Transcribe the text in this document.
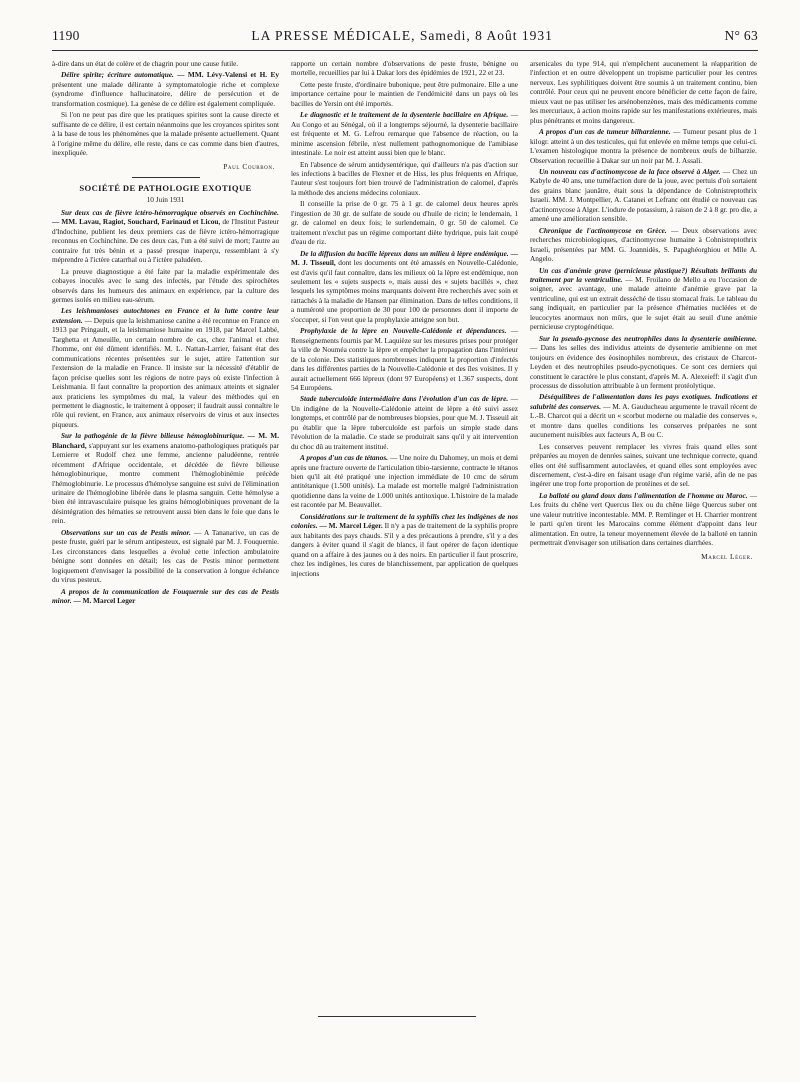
1190	LA PRESSE MÉDICALE, Samedi, 8 Août 1931	N° 63

à-dire dans un état de colère et de chagrin pour une cause futile.

Délire spirite; écriture automatique. — MM. Lévy-Valensi et H. Ey présentent une malade délirante à symptomatologie riche et complexe (syndrome d'influence hallucinatoire, délire de persécution et de transformation cosmique). La genèse de ce délire est également compliquée.

Si l'on ne peut pas dire que les pratiques spirites sont la cause directe et suffisante de ce délire, il est certain néanmoins que les croyances spirites sont à la base de tous les phénomènes que la malade présente actuellement. Quant à l'origine même du délire, elle reste, dans ce cas comme dans bien d'autres, inexpliquée.

Paul Courbon.

SOCIÉTÉ DE PATHOLOGIE EXOTIQUE
10 Juin 1931

Sur deux cas de fièvre ictéro-hémorragique observés en Cochinchine. — MM. Lavau, Ragiot, Souchard, Farinaud et Licou, de l'Institut Pasteur d'Indochine, publient les deux premiers cas de fièvre ictéro-hémorragique reconnus en Cochinchine. De ces deux cas, l'un a été suivi de mort; l'autre au contraire fut très bénin et a passé presque inaperçu, ressemblant à s'y méprendre à l'ictère catarrhal ou à l'ictère paludéen.

La preuve diagnostique a été faite par la maladie expérimentale des cobayes inoculés avec le sang des infectés, par l'étude des spirochètes observés dans les humeurs des animaux en expérience, par la culture des germes isolés en milieu eau-sérum.

Les leishmanioses autochtones en France et la lutte contre leur extension. — Depuis que la leishmaniose canine a été reconnue en France en 1913 par Pringault, et la leishmaniose humaine en 1918, par Marcel Labbé, Targhetta et Ameuille, un certain nombre de cas, chez l'animal et chez l'homme, ont été dûment identifiés. M. L. Nattan-Larrier, faisant état des communications récentes présentées sur le sujet, attire l'attention sur l'extension de la maladie en France. Il insiste sur la nécessité d'établir de façon précise quelles sont les régions de notre pays où existe l'infection à Leishmania. Il faut connaître la proportion des animaux atteints et signaler aux praticiens les symptômes du mal, la valeur des méthodes qui en permettent le diagnostic, le traitement à opposer; il faudrait aussi connaître le rôle qui revient, en France, aux animaux réservoirs de virus et aux insectes piqueurs.

Sur la pathogénie de la fièvre bilieuse hémoglobinurique. — M. M. Blanchard, s'appuyant sur les examens anatomo-pathologiques pratiqués par Lemierre et Rudolf chez une femme, ancienne paludéenne, rentrée récemment d'Afrique occidentale, et décédée de fièvre bilieuse hémoglobinurique, montre comment l'hémoglobinémie précède l'hémoglobinurie. Le processus d'hémolyse sanguine est suivi de l'élimination urinaire de l'hémoglobine libérée dans le plasma sanguin. Cette hémolyse a bien été intravasculaire puisque les grains hémoglobiniques provenant de la désintégration des hématies se retrouvent aussi bien dans le foie que dans le rein.

Observations sur un cas de Pestis minor. — A Tananarive, un cas de peste fruste, guéri par le sérum antipesteux, est signalé par M. J. Fouquernie. Les circonstances dans lesquelles a évolué cette infection ambulatoire bénigne sont données en détail; les cas de Pestis minor permettent logiquement d'envisager la possibilité de la conservation à longue échéance du virus pesteux.

A propos de la communication de Fouquernie sur des cas de Pestis minor. — M. Marcel Leger

rapporte un certain nombre d'observations de peste fruste, bénigne ou mortelle, recueillies par lui à Dakar lors des épidémies de 1921, 22 et 23.

Cette peste fruste, d'ordinaire bubonique, peut être pulmonaire. Elle a une importance certaine pour le maintien de l'endémicité dans un pays où les bacilles de Yersin ont été importés.

Le diagnostic et le traitement de la dysenterie bacillaire en Afrique. — Au Congo et au Sénégal, où il a longtemps séjourné, la dysenterie bacillaire est fréquente et M. G. Lefrou remarque que l'absence de réaction, ou la minime ascension fébrile, n'est nullement pathognomonique de l'amibiase intestinale. Le noir est atteint aussi bien que le blanc.

En l'absence de sérum antidysentérique, qui d'ailleurs n'a pas d'action sur les infections à bacilles de Flexner et de Hiss, les plus fréquents en Afrique, l'auteur s'est toujours fort bien trouvé de l'administration de calomel, d'après la méthode des anciens médecins coloniaux.

Il conseille la prise de 0 gr. 75 à 1 gr. de calomel deux heures après l'ingestion de 30 gr. de sulfate de soude ou d'huile de ricin; le lendemain, 1 gr. de calomel en deux fois; le surlendemain, 0 gr. 50 de calomel. Ce traitement n'exclut pas un régime comportant diète hydrique, puis lait coupé d'eau de riz.

De la diffusion du bacille lépreux dans un milieu à lèpre endémique. — M. J. Tisseuil, dont les documents ont été amassés en Nouvelle-Calédonie, est d'avis qu'il faut connaître, dans les milieux où la lèpre est endémique, non seulement les « sujets suspects », mais aussi des « sujets bacillés », chez lesquels les symptômes moins marquants doivent être recherchés avec soin et rattachés à la maladie de Hansen par élimination. Dans de telles conditions, il a numéroté une proportion de 30 pour 100 de personnes dont il importe de s'occuper, si l'on veut que la prophylaxie atteigne son but.

Prophylaxie de la lèpre en Nouvelle-Calédonie et dépendances. — Renseignements fournis par M. Laquièze sur les mesures prises pour protéger la ville de Nouméa contre la lèpre et empêcher la propagation dans l'intérieur de la colonie. Des statistiques nombreuses indiquent la proportion d'infectés dans les différentes parties de la Nouvelle-Calédonie et des îles voisines. Il y aurait actuellement 666 lépreux (dont 97 Européens) et 1.367 suspects, dont 54 Européens.

Stade tuberculoïde intermédiaire dans l'évolution d'un cas de lèpre. — Un indigène de la Nouvelle-Calédonie atteint de lèpre a été suivi assez longtemps, et contrôlé par de nombreuses biopsies, pour que M. J. Tisseuil ait pu établir que la lèpre tuberculoïde est parfois un simple stade dans l'évolution de la maladie. Ce stade se produirait sans qu'il y ait intervention du choc dû au traitement institué.

A propos d'un cas de tétanos. — Une noire du Dahomey, un mois et demi après une fracture ouverte de l'articulation tibio-tarsienne, contracte le tétanos bien qu'il ait été pratiqué une injection immédiate de 10 cmc de sérum antitétanique (1.500 unités). La malade est mortelle malgré l'administration quotidienne dans la veine de 1.000 unités antitoxique. L'histoire de la malade est racontée par M. Beauvallet.

Considérations sur le traitement de la syphilis chez les indigènes de nos colonies. — M. Marcel Léger. Il n'y a pas de traitement de la syphilis propre aux habitants des pays chauds. S'il y a des précautions à prendre, s'il y a des dangers à éviter quand il s'agit de blancs, il faut opérer de façon identique quand on a affaire à des jaunes ou à des noirs. En particulier il faut proscrire, chez les indigènes, les cures de blanchissement, par application de quelques injections

arsenicales du type 914, qui n'empêchent aucunement la réapparition de l'infection et en outre développent un tropisme particulier pour les centres nerveux. Les syphilitiques doivent être soumis à un traitement continu, bien contrôlé. Pour ceux qui ne peuvent encore bénéficier de cette façon de faire, mieux vaut ne pas utiliser les arsénobenzènes, mais des médicaments comme les mercuriaux, à action moins rapide sur les manifestations extérieures, mais plus pénétrants et moins dangereux.

A propos d'un cas de tumeur bilharzienne. — Tumeur pesant plus de 1 kilogr. atteint à un des testicules, qui fut enlevée en même temps que celui-ci. L'examen histologique montra la présence de nombreux œufs de bilharzie. Observation recueillie à Dakar sur un noir par M. J. Assali.

Un nouveau cas d'actinomycose de la face observé à Alger. — Chez un Kabyle de 40 ans, une tuméfaction dure de la joue, avec pertuis d'où sortaient des grains blanc jaunâtre, était sous la dépendance de Cohnistreptothrix Israeli. MM. J. Montpellier, A. Catanei et Lefranc ont étudié ce nouveau cas d'actinomycose à Alger. L'iodure de potassium, à raison de 2 à 8 gr. pro die, a amené une amélioration sensible.

Chronique de l'actinomycose en Grèce. — Deux observations avec recherches microbiologiques, d'actinomycose humaine à Cohnistreptothrix Israeli, présentées par MM. G. Joannidès, S. Papaghéorghiou et Mlle A. Angelo.

Un cas d'anémie grave (pernicieuse plastique?) Résultats brillants du traitement par la ventriculine. — M. Froilano de Mello a eu l'occasion de soigner, avec avantage, une malade atteinte d'anémie grave par la ventriculine, qui est un extrait desséché de tissu stomacal frais. Le tableau du sang indiquait, en particulier par la présence d'hématies nucléées et de leucocytes anormaux non mûrs, que le sujet était au seuil d'une anémie pernicieuse cryptogénétique.

Sur la pseudo-pycnose des neutrophiles dans la dysenterie amibienne. — Dans les selles des individus atteints de dysenterie amibienne on met toujours en évidence des éosinophiles nombreux, des cristaux de Charcot-Leyden et des neutrophiles pseudo-pycnotiques. Ce sont ces derniers qui constituent le caractère le plus constant, d'après M. A. Alexeieff: il s'agit d'un processus de dissolution attribuable à un ferment protéolytique.

Déséquilibres de l'alimentation dans les pays exotiques. Indications et salubrité des conserves. — M. A. Gauducheau argumente le travail récent de L.-B. Charcot qui a décrit un « scorbut moderne ou maladie des conserves », et montre dans quelles conditions les conserves préparées ne sont aucunement nuisibles aux facteurs A, B ou C.

Les conserves peuvent remplacer les vivres frais quand elles sont préparées au moyen de denrées saines, suivant une technique correcte, quand elles ont été suffisamment autoclavées, et quand elles sont employées avec discernement, c'est-à-dire en faisant usage d'un régime varié, afin de ne pas ingérer une trop forte proportion de protéines et de sel.

La balloté ou gland doux dans l'alimentation de l'homme au Maroc. — Les fruits du chêne vert Quercus Ilex ou du chêne liège Quercus suber ont une valeur nutritive incontestable. MM. P. Remlinger et H. Charrier montrent le parti qu'en tirent les Marocains comme élément d'appoint dans leur alimentation. En outre, la teneur moyennement élevée de la balloté en tannin permettrait d'envisager son utilisation dans certaines diarrhées.

Marcel Léger.
